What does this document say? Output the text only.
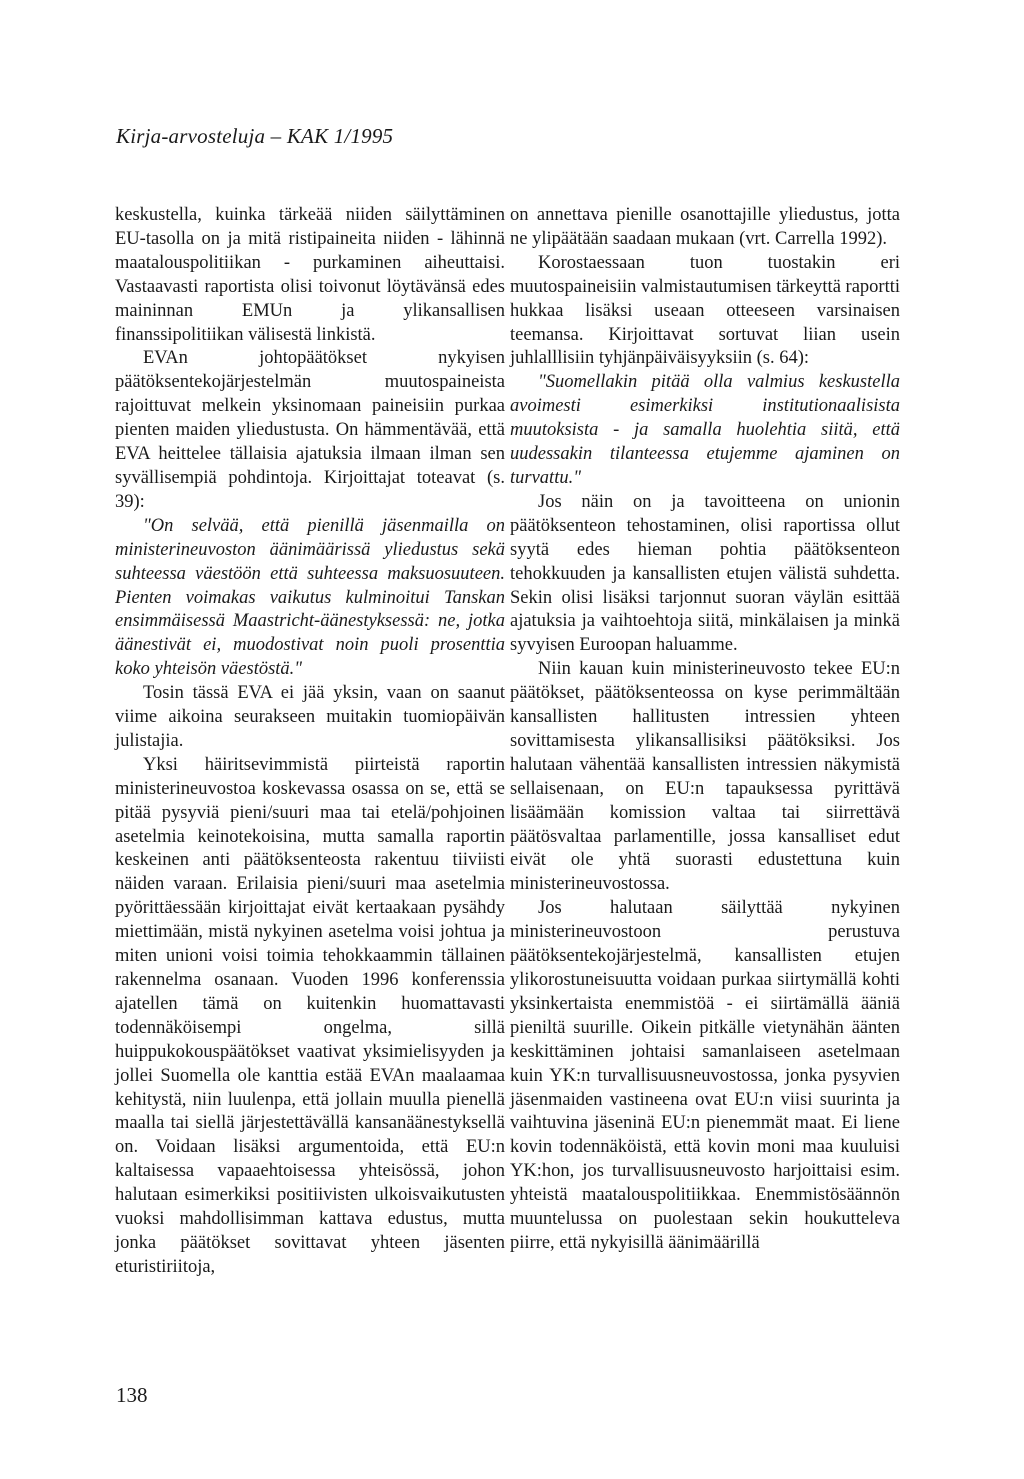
Kirja-arvosteluja – KAK 1/1995

keskustella, kuinka tärkeää niiden säilyttäminen EU-tasolla on ja mitä ristipaineita niiden - lähinnä maatalouspolitiikan - purkaminen aiheuttaisi. Vastaavasti raportista olisi toivonut löytävänsä edes maininnan EMUn ja ylikansallisen finanssipolitiikan välisestä linkistä.

EVAn johtopäätökset nykyisen päätöksentekojärjestelmän muutospaineista rajoittuvat melkein yksinomaan paineisiin purkaa pienten maiden yliedustusta. On hämmentävää, että EVA heittelee tällaisia ajatuksia ilmaan ilman sen syvällisempiä pohdintoja. Kirjoittajat toteavat (s. 39):

"On selvää, että pienillä jäsenmailla on ministerineuvoston äänimäärissä yliedustus sekä suhteessa väestöön että suhteessa maksuosuuteen. Pienten voimakas vaikutus kulminoitui Tanskan ensimmäisessä Maastricht-äänestyksessä: ne, jotka äänestivät ei, muodostivat noin puoli prosenttia koko yhteisön väestöstä."

Tosin tässä EVA ei jää yksin, vaan on saanut viime aikoina seurakseen muitakin tuomiopäivän julistajia.

Yksi häiritsevimmistä piirteistä raportin ministerineuvostoa koskevassa osassa on se, että se pitää pysyviä pieni/suuri maa tai etelä/pohjoinen asetelmia keinotekoisina, mutta samalla raportin keskeinen anti päätöksenteosta rakentuu tiiviisti näiden varaan. Erilaisia pieni/suuri maa asetelmia pyörittäessään kirjoittajat eivät kertaakaan pysähdy miettimään, mistä nykyinen asetelma voisi johtua ja miten unioni voisi toimia tehokkaammin tällainen rakennelma osanaan. Vuoden 1996 konferenssia ajatellen tämä on kuitenkin huomattavasti todennäköisempi ongelma, sillä huippukokouspäätökset vaativat yksimielisyyden ja jollei Suomella ole kanttia estää EVAn maalaamaa kehitystä, niin luulenpa, että jollain muulla pienellä maalla tai siellä järjestettävällä kansanäänestyksellä on. Voidaan lisäksi argumentoida, että EU:n kaltaisessa vapaaehtoisessa yhteisössä, johon halutaan esimerkiksi positiivisten ulkoisvaikutusten vuoksi mahdollisimman kattava edustus, mutta jonka päätökset sovittavat yhteen jäsenten eturistiriitoja,

on annettava pienille osanottajille yliedustus, jotta ne ylipäätään saadaan mukaan (vrt. Carrella 1992).

Korostaessaan tuon tuostakin eri muutospaineisiin valmistautumisen tärkeyttä raportti hukkaa lisäksi useaan otteeseen varsinaisen teemansa. Kirjoittavat sortuvat liian usein juhlalllisiin tyhjänpäiväisyyksiin (s. 64):

"Suomellakin pitää olla valmius keskustella avoimesti esimerkiksi institutionaalisista muutoksista - ja samalla huolehtia siitä, että uudessakin tilanteessa etujemme ajaminen on turvattu."

Jos näin on ja tavoitteena on unionin päätöksenteon tehostaminen, olisi raportissa ollut syytä edes hieman pohtia päätöksenteon tehokkuuden ja kansallisten etujen välistä suhdetta. Sekin olisi lisäksi tarjonnut suoran väylän esittää ajatuksia ja vaihtoehtoja siitä, minkälaisen ja minkä syvyisen Euroopan haluamme.

Niin kauan kuin ministerineuvosto tekee EU:n päätökset, päätöksenteossa on kyse perimmältään kansallisten hallitusten intressien yhteen sovittamisesta ylikansallisiksi päätöksiksi. Jos halutaan vähentää kansallisten intressien näkymistä sellaisenaan, on EU:n tapauksessa pyrittävä lisäämään komission valtaa tai siirrettävä päätösvaltaa parlamentille, jossa kansalliset edut eivät ole yhtä suorasti edustettuna kuin ministerineuvostossa.

Jos halutaan säilyttää nykyinen ministerineuvostoon perustuva päätöksentekojärjestelmä, kansallisten etujen ylikorostuneisuutta voidaan purkaa siirtymällä kohti yksinkertaista enemmistöä - ei siirtämällä ääniä pieniltä suurille. Oikein pitkälle vietynähän äänten keskittäminen johtaisi samanlaiseen asetelmaan kuin YK:n turvallisuusneuvostossa, jonka pysyvien jäsenmaiden vastineena ovat EU:n viisi suurinta ja vaihtuvina jäseninä EU:n pienemmät maat. Ei liene kovin todennäköistä, että kovin moni maa kuuluisi YK:hon, jos turvallisuusneuvosto harjoittaisi esim. yhteistä maatalouspolitiikkaa. Enemmistösäännön muuntelussa on puolestaan sekin houkutteleva piirre, että nykyisillä äänimäärillä

138
